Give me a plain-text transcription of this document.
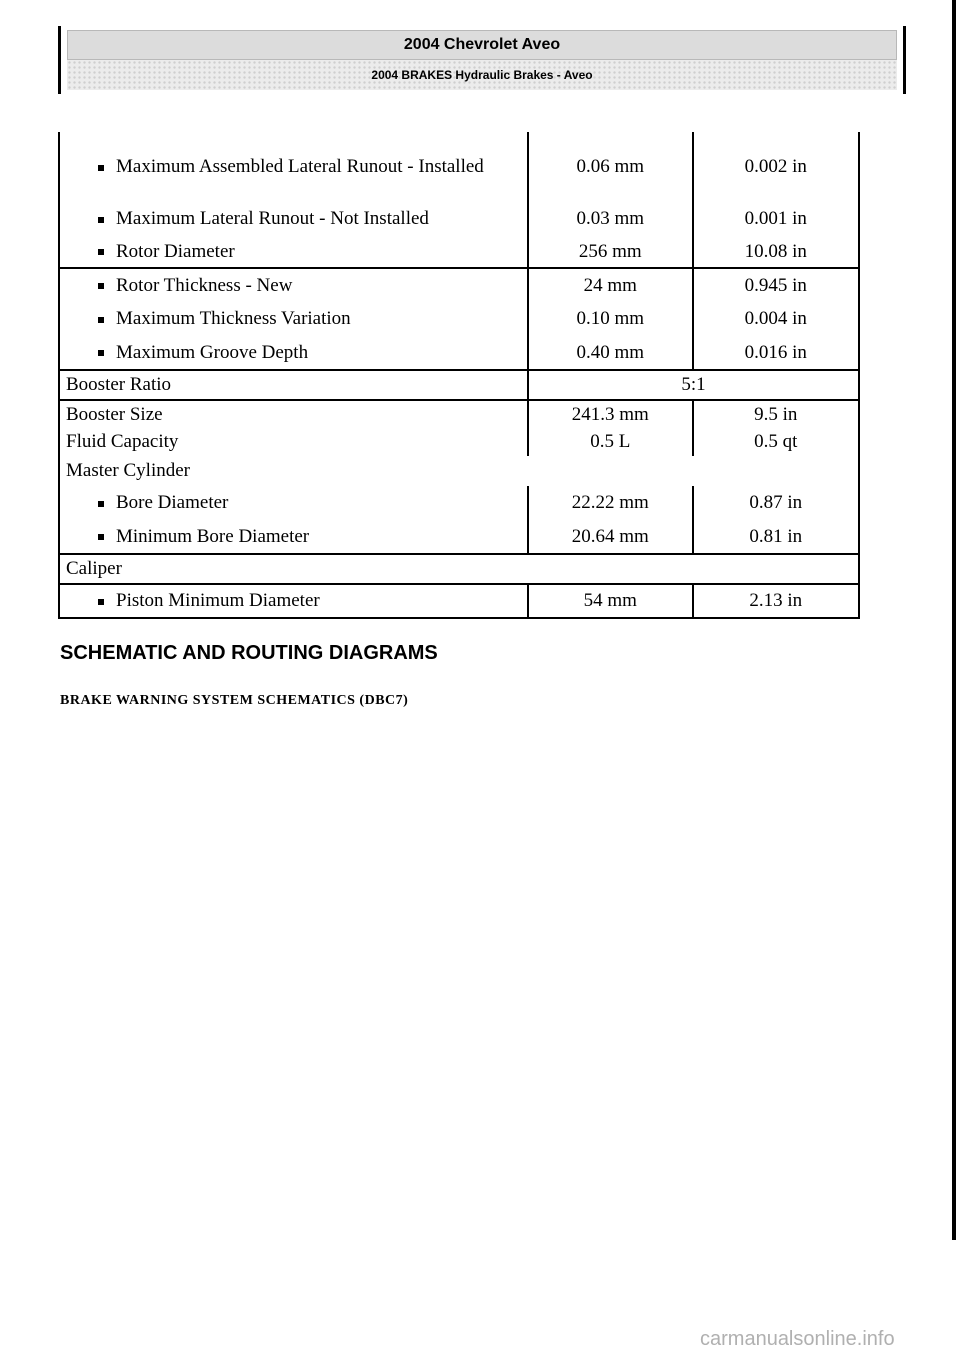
2004 Chevrolet Aveo
2004 BRAKES Hydraulic Brakes - Aveo
Maximum Assembled Lateral Runout - Installed	0.06 mm	0.002 in
Maximum Lateral Runout - Not Installed	0.03 mm	0.001 in
Rotor Diameter	256 mm	10.08 in
Rotor Thickness - New	24 mm	0.945 in
Maximum Thickness Variation	0.10 mm	0.004 in
Maximum Groove Depth	0.40 mm	0.016 in
Booster Ratio	5:1	
Booster Size	241.3 mm	9.5 in
Fluid Capacity	0.5 L	0.5 qt
Master Cylinder		
Bore Diameter	22.22 mm	0.87 in
Minimum Bore Diameter	20.64 mm	0.81 in
Caliper		
Piston Minimum Diameter	54 mm	2.13 in
SCHEMATIC AND ROUTING DIAGRAMS
BRAKE WARNING SYSTEM SCHEMATICS (DBC7)
carmanualsonline.info
